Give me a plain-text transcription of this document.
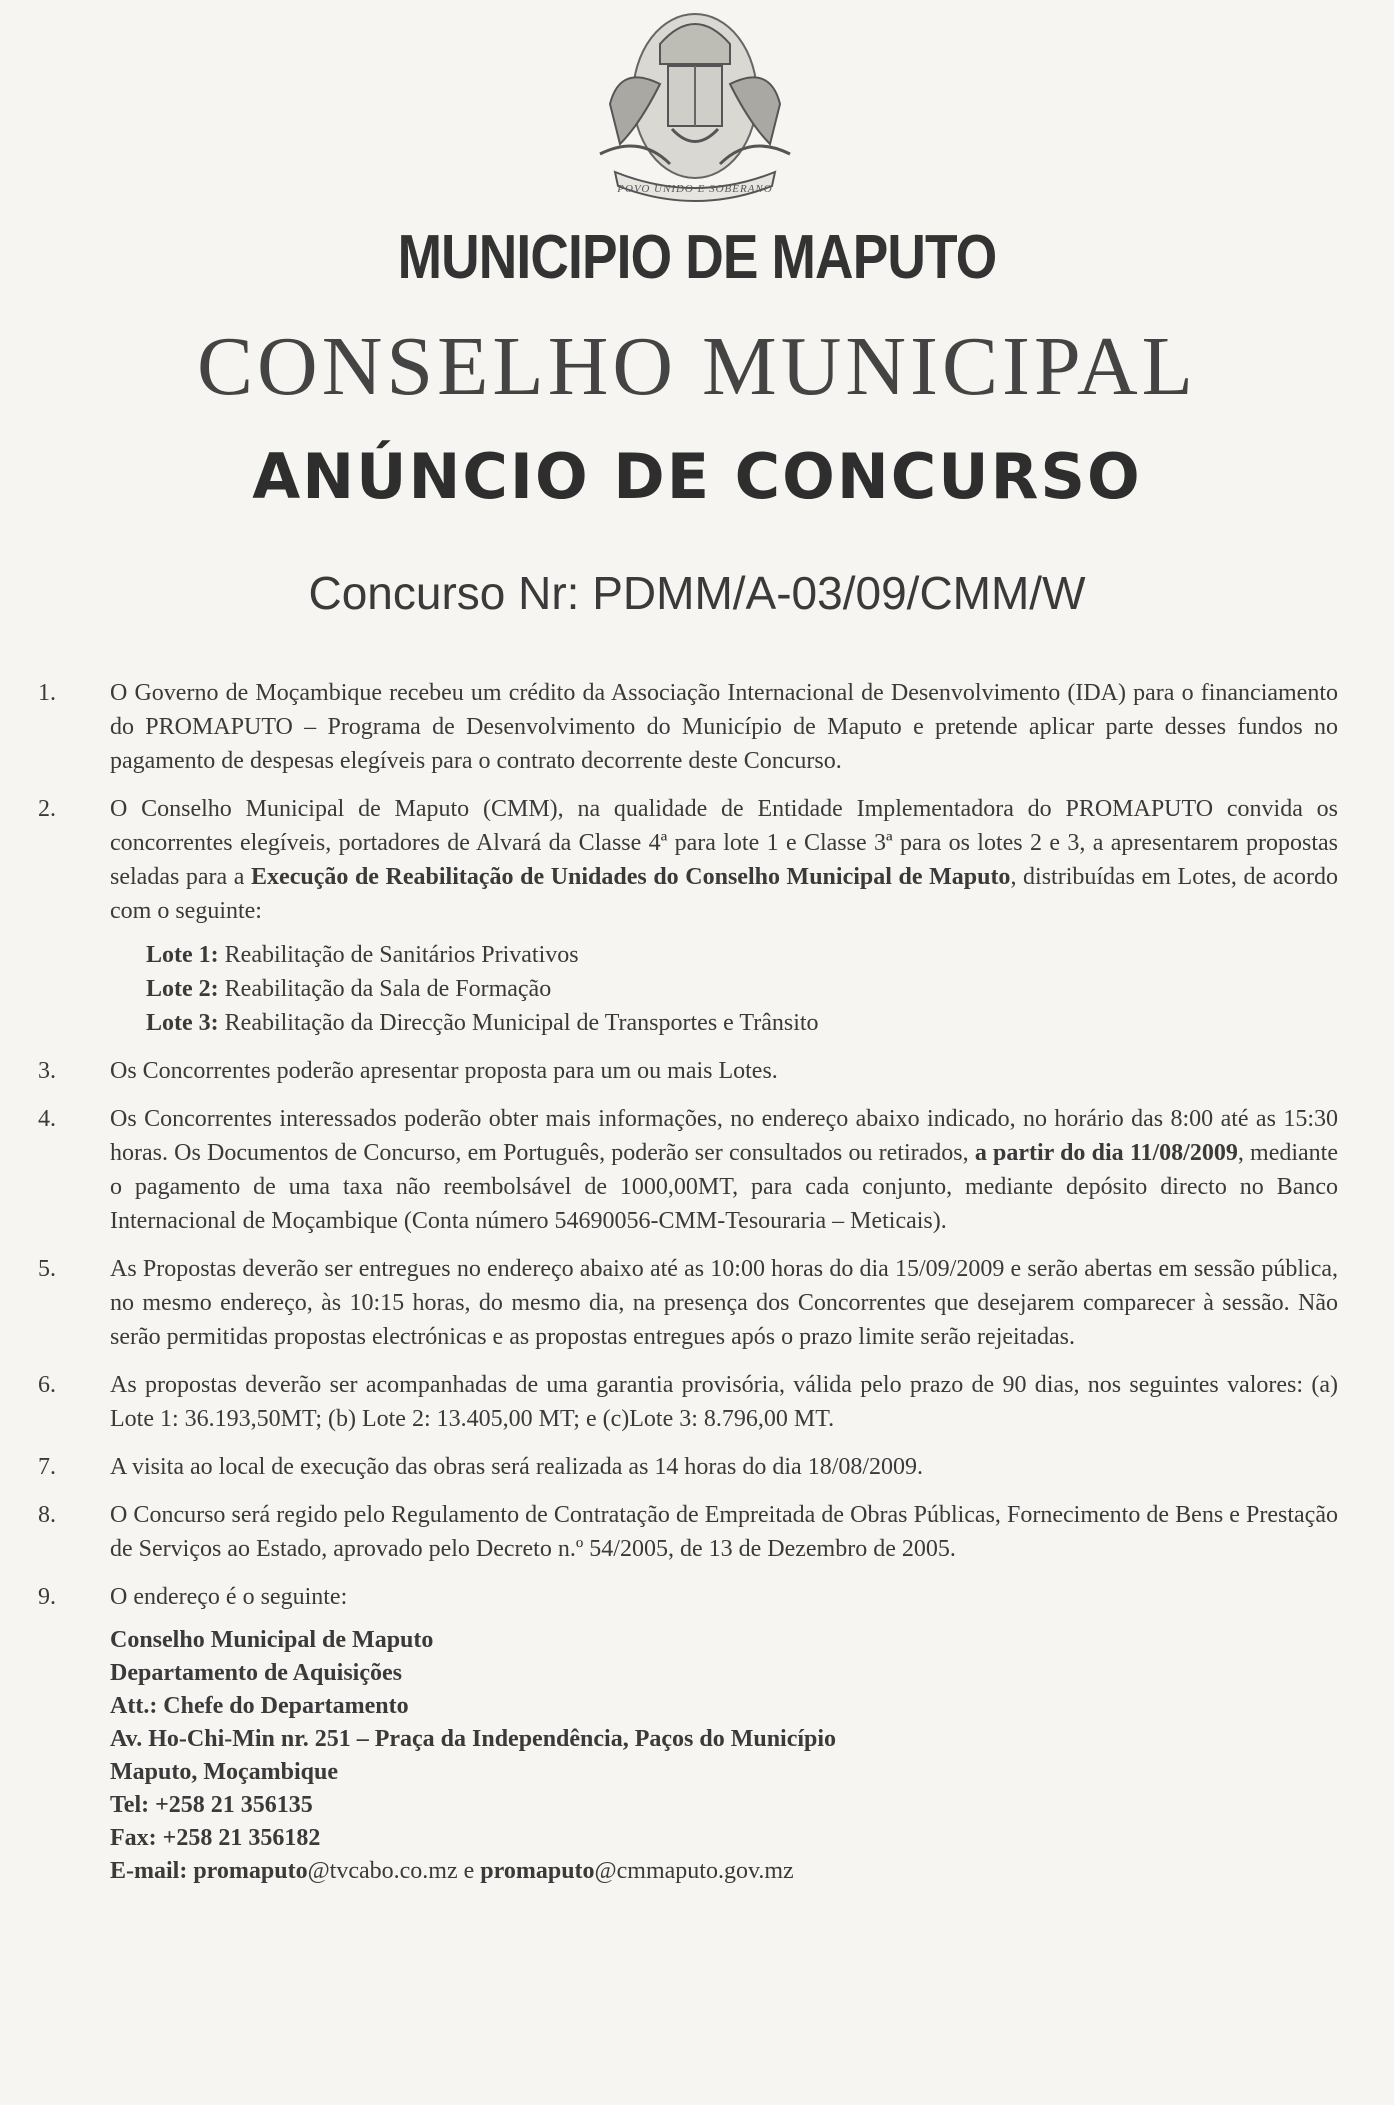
POVO UNIDO E SOBERANO
MUNICIPIO DE MAPUTO
CONSELHO MUNICIPAL
ANÚNCIO DE CONCURSO
Concurso Nr: PDMM/A-03/09/CMM/W
1.	O Governo de Moçambique recebeu um crédito da Associação Internacional de Desenvolvimento (IDA) para o financiamento do PROMAPUTO – Programa de Desenvolvimento do Município de Maputo e pretende aplicar parte desses fundos no pagamento de despesas elegíveis para o contrato decorrente deste Concurso.
2.	O Conselho Municipal de Maputo (CMM), na qualidade de Entidade Implementadora do PROMAPUTO convida os concorrentes elegíveis, portadores de Alvará da Classe 4ª para lote 1 e Classe 3ª para os lotes 2 e 3, a apresentarem propostas seladas para a Execução de Reabilitação de Unidades do Conselho Municipal de Maputo, distribuídas em Lotes, de acordo com o seguinte:
Lote 1: Reabilitação de Sanitários Privativos
Lote 2: Reabilitação da Sala de Formação
Lote 3: Reabilitação da Direcção Municipal de Transportes e Trânsito
3.	Os Concorrentes poderão apresentar proposta para um ou mais Lotes.
4.	Os Concorrentes interessados poderão obter mais informações, no endereço abaixo indicado, no horário das 8:00 até as 15:30 horas. Os Documentos de Concurso, em Português, poderão ser consultados ou retirados, a partir do dia 11/08/2009, mediante o pagamento de uma taxa não reembolsável de 1000,00MT, para cada conjunto, mediante depósito directo no Banco Internacional de Moçambique (Conta número 54690056-CMM-Tesouraria – Meticais).
5.	As Propostas deverão ser entregues no endereço abaixo até as 10:00 horas do dia 15/09/2009 e serão abertas em sessão pública, no mesmo endereço, às 10:15 horas, do mesmo dia, na presença dos Concorrentes que desejarem comparecer à sessão. Não serão permitidas propostas electrónicas e as propostas entregues após o prazo limite serão rejeitadas.
6.	As propostas deverão ser acompanhadas de uma garantia provisória, válida pelo prazo de 90 dias, nos seguintes valores: (a) Lote 1: 36.193,50MT; (b) Lote 2: 13.405,00 MT; e (c)Lote 3: 8.796,00 MT.
7.	A visita ao local de execução das obras será realizada as 14 horas do dia 18/08/2009.
8.	O Concurso será regido pelo Regulamento de Contratação de Empreitada de Obras Públicas, Fornecimento de Bens e Prestação de Serviços ao Estado, aprovado pelo Decreto n.º 54/2005, de 13 de Dezembro de 2005.
9.	O endereço é o seguinte:
Conselho Municipal de Maputo
Departamento de Aquisições
Att.: Chefe do Departamento
Av. Ho-Chi-Min nr. 251 – Praça da Independência, Paços do Município
Maputo, Moçambique
Tel: +258 21 356135
Fax: +258 21 356182
E-mail: promaputo@tvcabo.co.mz e promaputo@cmmaputo.gov.mz
